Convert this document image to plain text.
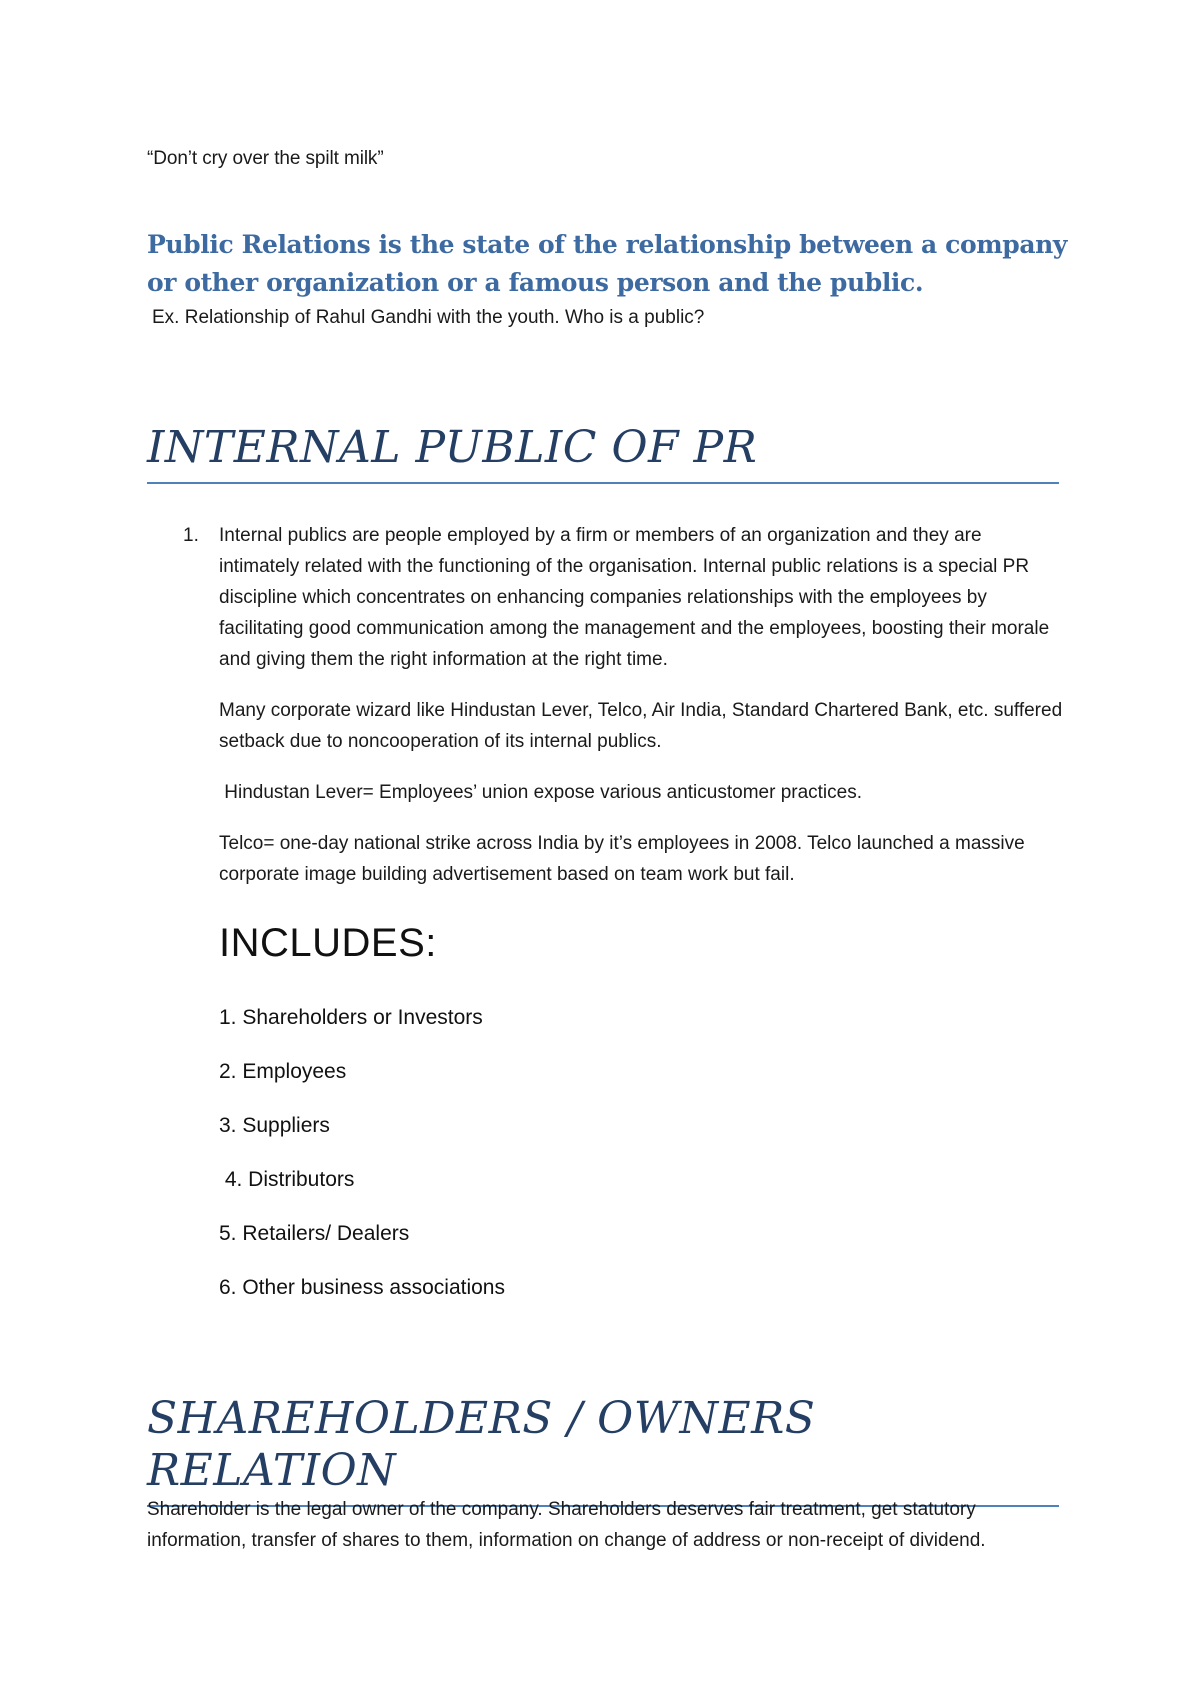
“Don’t cry over the spilt milk”
Public Relations is the state of the relationship between a company or other organization or a famous person and the public.
Ex. Relationship of Rahul Gandhi with the youth. Who is a public?
INTERNAL PUBLIC OF PR
1. Internal publics are people employed by a firm or members of an organization and they are intimately related with the functioning of the organisation. Internal public relations is a special PR discipline which concentrates on enhancing companies relationships with the employees by facilitating good communication among the management and the employees, boosting their morale and giving them the right information at the right time.

Many corporate wizard like Hindustan Lever, Telco, Air India, Standard Chartered Bank, etc. suffered setback due to noncooperation of its internal publics.

Hindustan Lever= Employees’ union expose various anticustomer practices.

Telco= one-day national strike across India by it’s employees in 2008. Telco launched a massive corporate image building advertisement based on team work but fail.

INCLUDES:
1. Shareholders or Investors
2. Employees
3. Suppliers
4. Distributors
5. Retailers/ Dealers
6. Other business associations
SHAREHOLDERS / OWNERS RELATION
Shareholder is the legal owner of the company. Shareholders deserves fair treatment, get statutory information, transfer of shares to them, information on change of address or non-receipt of dividend.
